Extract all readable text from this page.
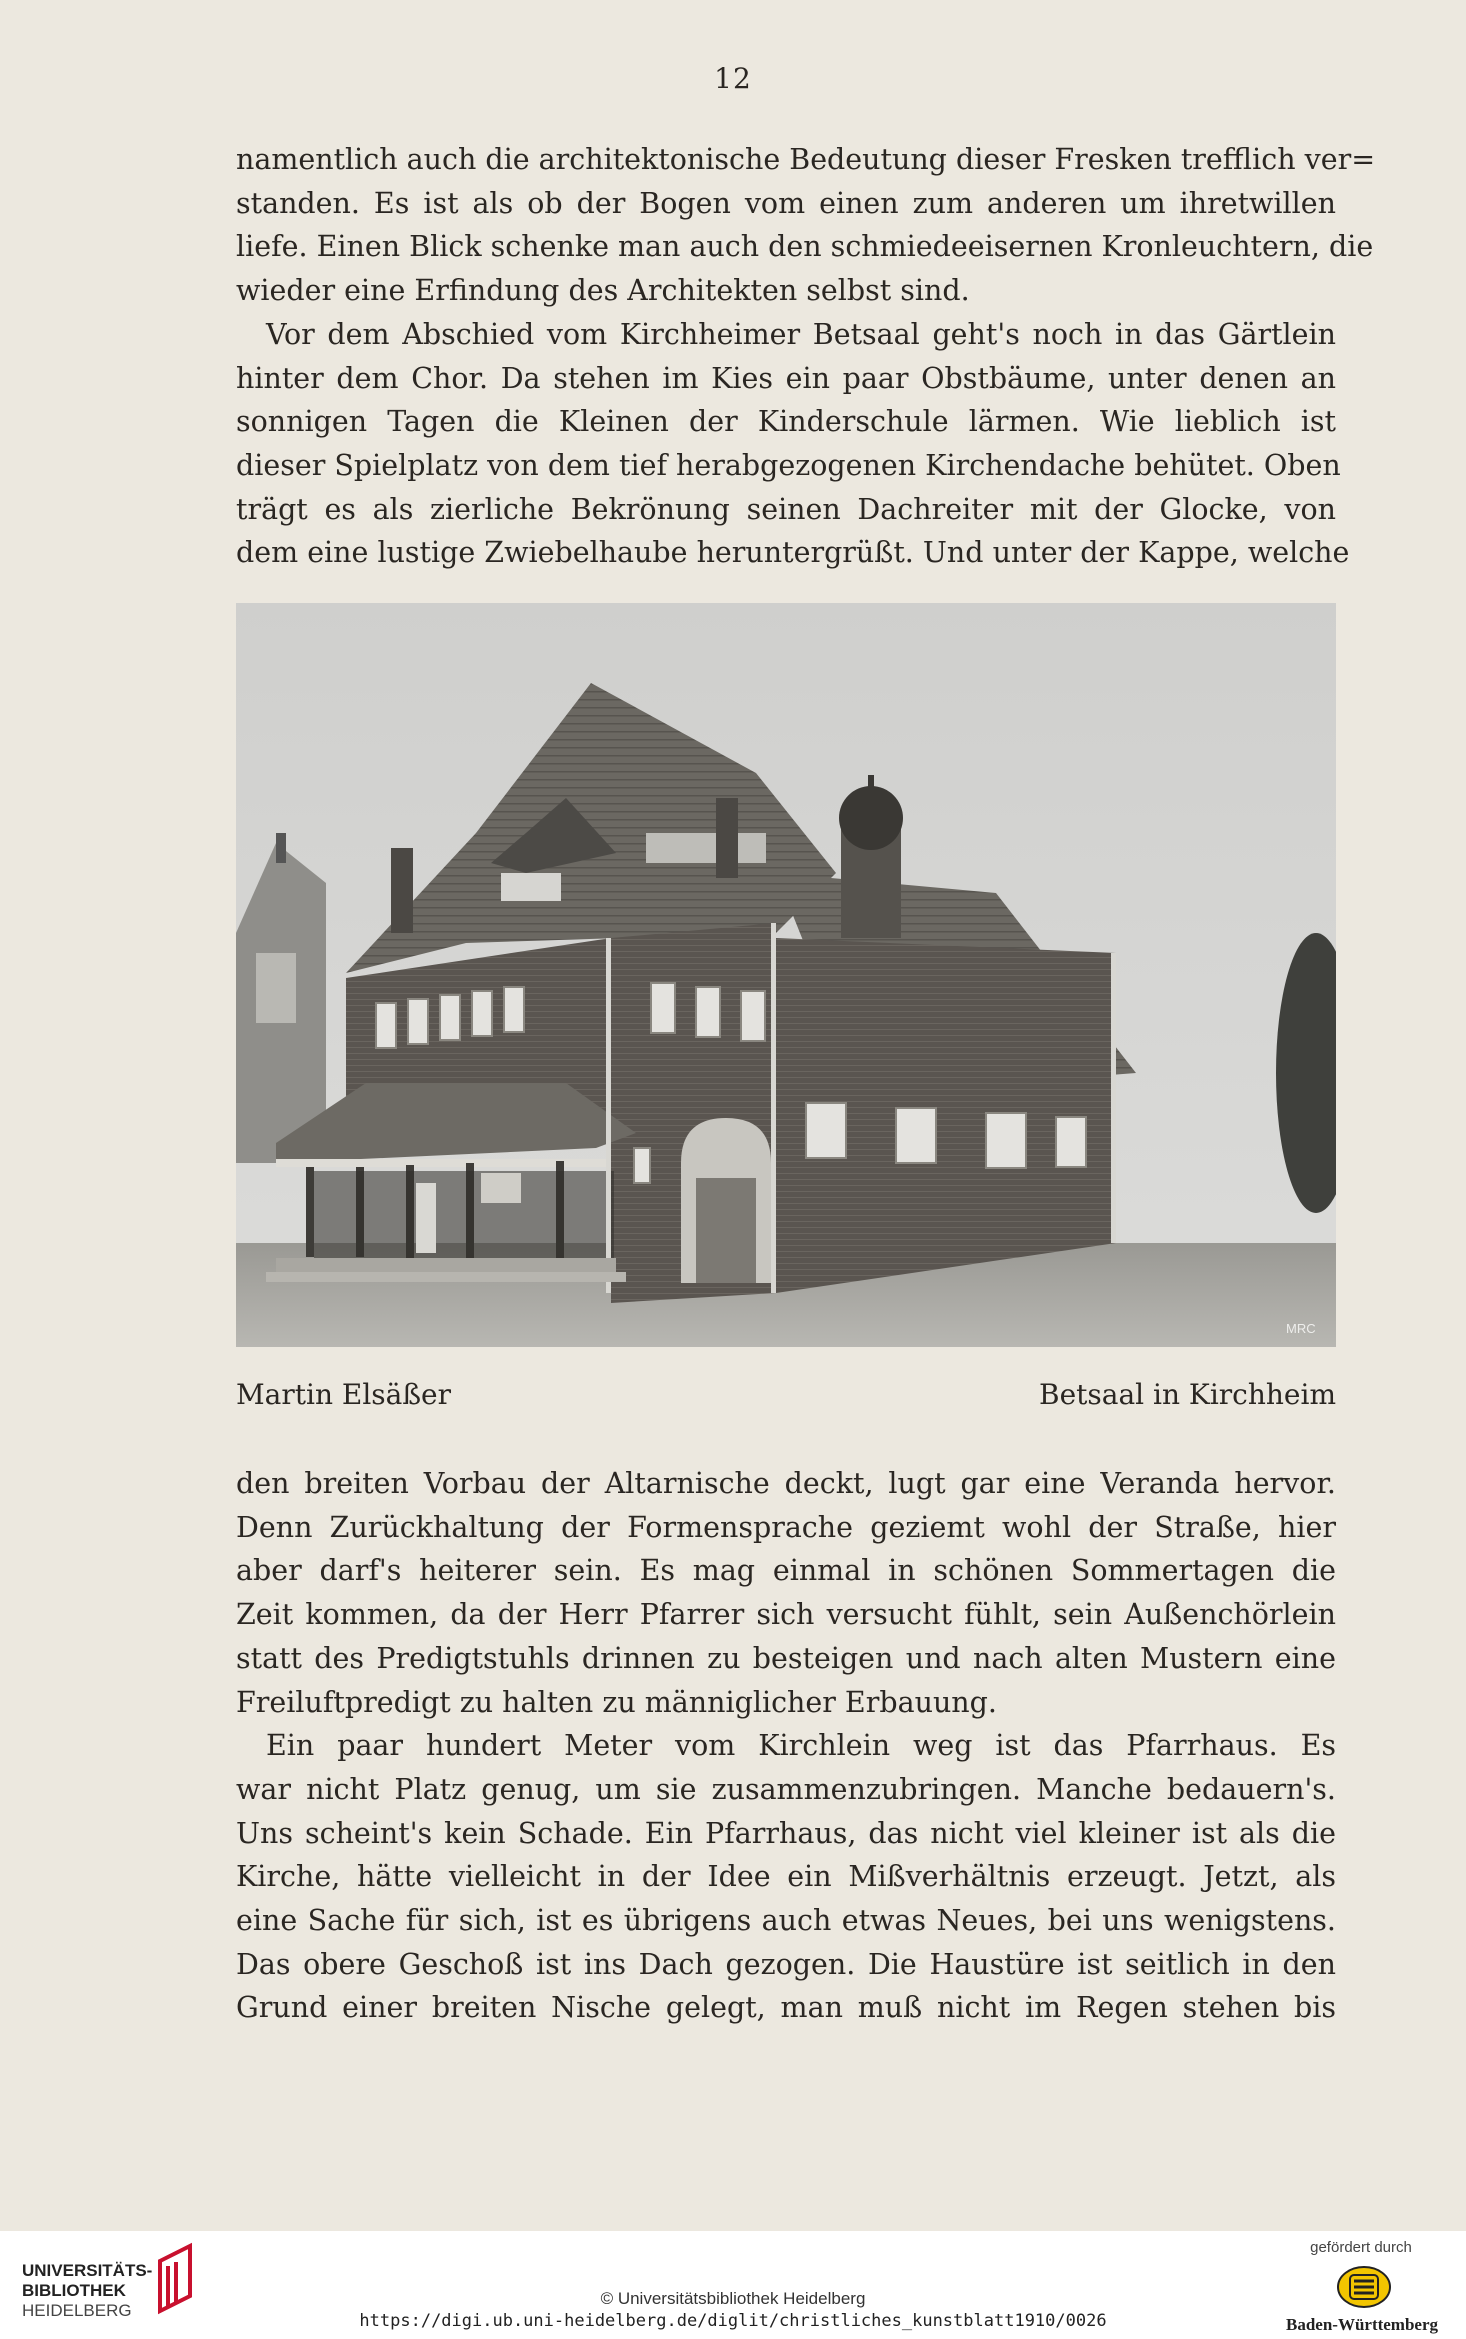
12
namentlich auch die architektonische Bedeutung dieser Fresken trefflich ver=
standen. Es ist als ob der Bogen vom einen zum anderen um ihretwillen
liefe. Einen Blick schenke man auch den schmiedeeisernen Kronleuchtern, die
wieder eine Erfindung des Architekten selbst sind.
Vor dem Abschied vom Kirchheimer Betsaal geht's noch in das Gärtlein
hinter dem Chor. Da stehen im Kies ein paar Obstbäume, unter denen an
sonnigen Tagen die Kleinen der Kinderschule lärmen. Wie lieblich ist
dieser Spielplatz von dem tief herabgezogenen Kirchendache behütet. Oben
trägt es als zierliche Bekrönung seinen Dachreiter mit der Glocke, von
dem eine lustige Zwiebelhaube heruntergrüßt. Und unter der Kappe, welche
MRC
Martin Elsäßer	Betsaal in Kirchheim
den breiten Vorbau der Altarnische deckt, lugt gar eine Veranda hervor.
Denn Zurückhaltung der Formensprache geziemt wohl der Straße, hier
aber darf's heiterer sein. Es mag einmal in schönen Sommertagen die
Zeit kommen, da der Herr Pfarrer sich versucht fühlt, sein Außenchörlein
statt des Predigtstuhls drinnen zu besteigen und nach alten Mustern eine
Freiluftpredigt zu halten zu männiglicher Erbauung.
Ein paar hundert Meter vom Kirchlein weg ist das Pfarrhaus. Es
war nicht Platz genug, um sie zusammenzubringen. Manche bedauern's.
Uns scheint's kein Schade. Ein Pfarrhaus, das nicht viel kleiner ist als die
Kirche, hätte vielleicht in der Idee ein Mißverhältnis erzeugt. Jetzt, als
eine Sache für sich, ist es übrigens auch etwas Neues, bei uns wenigstens.
Das obere Geschoß ist ins Dach gezogen. Die Haustüre ist seitlich in den
Grund einer breiten Nische gelegt, man muß nicht im Regen stehen bis
UNIVERSITÄTS-
BIBLIOTHEK
HEIDELBERG
© Universitätsbibliothek Heidelberg
https://digi.ub.uni-heidelberg.de/diglit/christliches_kunstblatt1910/0026
gefördert durch
Baden-Württemberg
